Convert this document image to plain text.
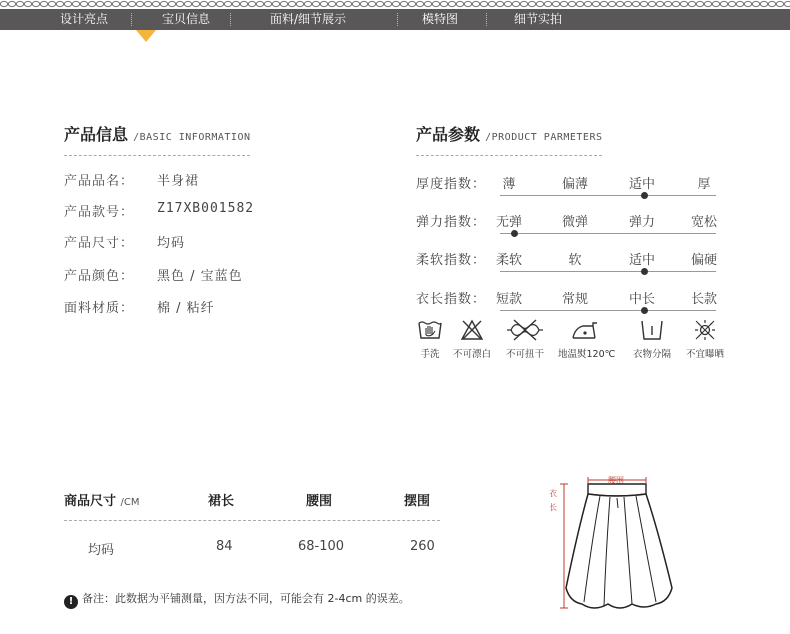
设计亮点	宝贝信息	面料/细节展示	模特图	细节实拍
产品信息 /BASIC INFORMATION
产品品名： 半身裙
产品款号： Z17XB001582
产品尺寸： 均码
产品颜色： 黑色 / 宝蓝色
面料材质： 棉 / 粘纤
产品参数 /PRODUCT PARMETERS
厚度指数：	薄	偏薄	适中	厚
弹力指数： 无弹	微弹	弹力	宽松
柔软指数： 柔软	软	适中	偏硬
衣长指数： 短款	常规	中长	长款
手洗	不可漂白	不可扭干	地温熨120℃	衣物分隔	不宜曝晒
商品尺寸 /CM	裙长	腰围	摆围
均码	84	68-100	260
! 备注：此数据为平铺测量，因方法不同，可能会有 2-4cm 的误差。
腰围
衣
长
